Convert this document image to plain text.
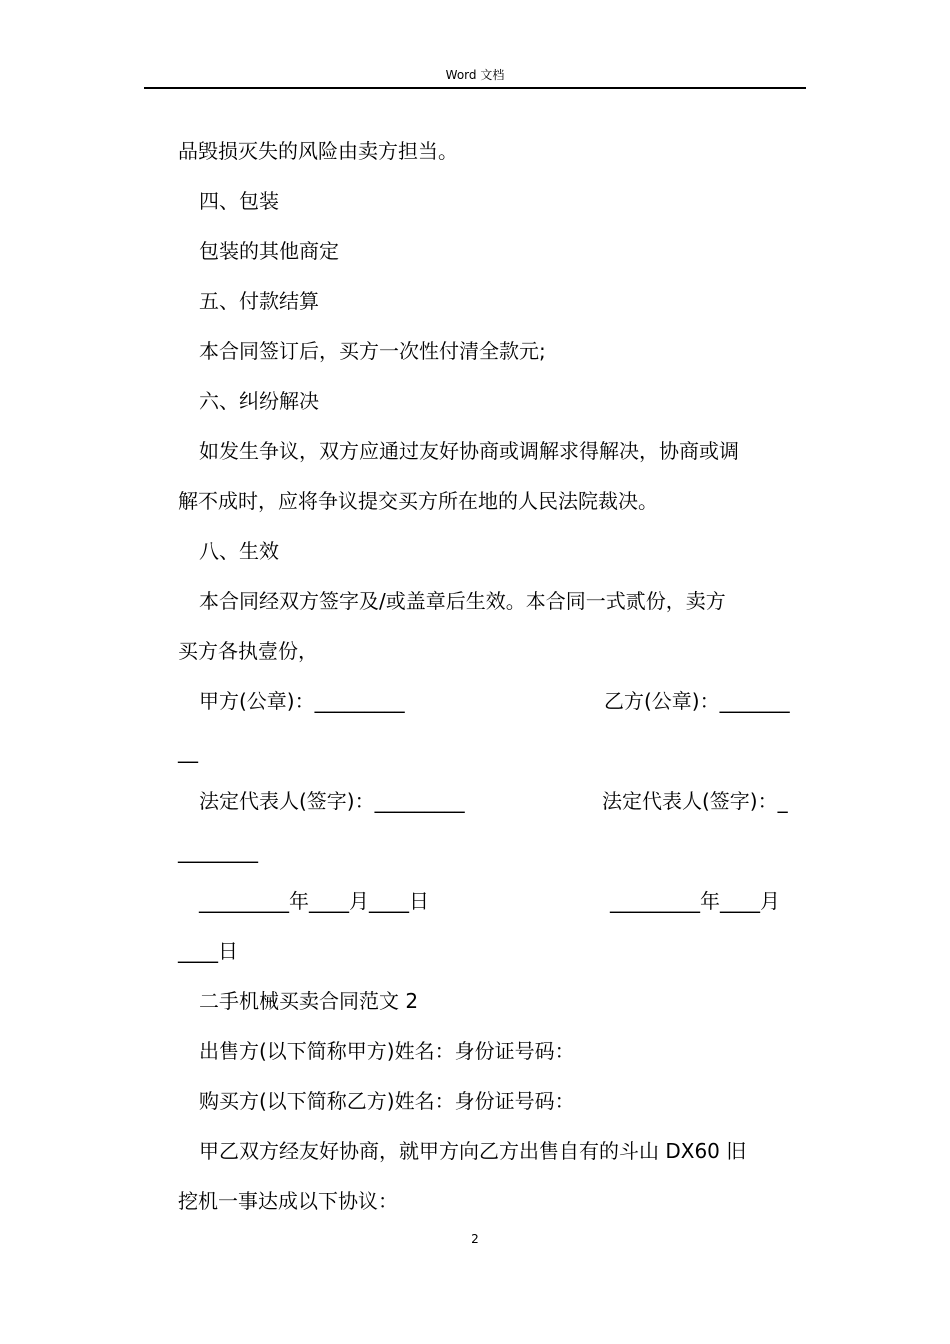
Word 文档

品毁损灭失的风险由卖方担当。

四、包装

包装的其他商定

五、付款结算

本合同签订后，买方一次性付清全款元;

六、纠纷解决

如发生争议，双方应通过友好协商或调解求得解决，协商或调

解不成时，应将争议提交买方所在地的人民法院裁决。

八、生效

本合同经双方签字及/或盖章后生效。本合同一式贰份，卖方

买方各执壹份，

甲方(公章)：_________	乙方(公章)：_______

__

法定代表人(签字)：_________	法定代表人(签字)：_

________

_________年____月____日	_________年____月

____日

二手机械买卖合同范文 2

出售方(以下简称甲方)姓名：身份证号码：

购买方(以下简称乙方)姓名：身份证号码：

甲乙双方经友好协商，就甲方向乙方出售自有的斗山 DX60 旧

挖机一事达成以下协议：

2
